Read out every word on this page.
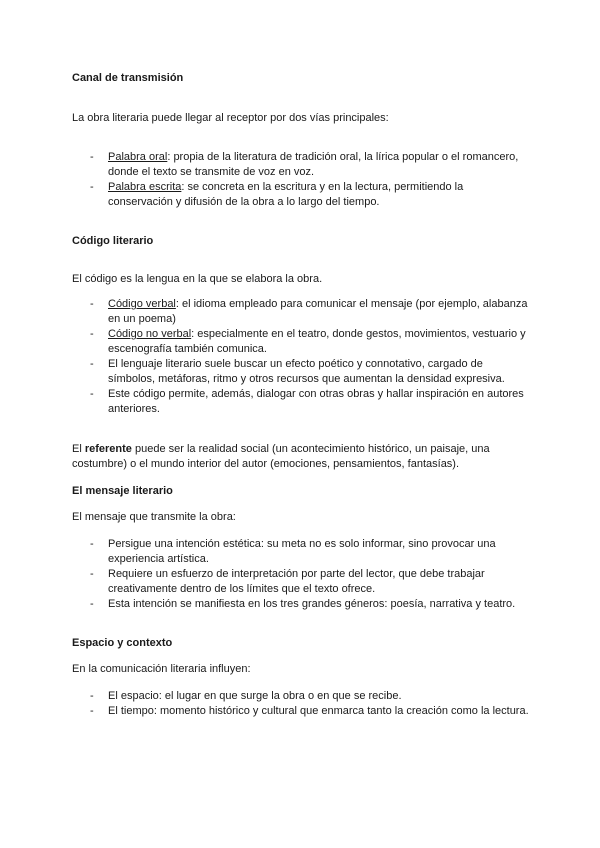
Canal de transmisión

La obra literaria puede llegar al receptor por dos vías principales:

- Palabra oral: propia de la literatura de tradición oral, la lírica popular o el romancero, donde el texto se transmite de voz en voz.
- Palabra escrita: se concreta en la escritura y en la lectura, permitiendo la conservación y difusión de la obra a lo largo del tiempo.
Código literario

El código es la lengua en la que se elabora la obra.

- Código verbal: el idioma empleado para comunicar el mensaje (por ejemplo, alabanza en un poema)
- Código no verbal: especialmente en el teatro, donde gestos, movimientos, vestuario y escenografía también comunica.
- El lenguaje literario suele buscar un efecto poético y connotativo, cargado de símbolos, metáforas, ritmo y otros recursos que aumentan la densidad expresiva.
- Este código permite, además, dialogar con otras obras y hallar inspiración en autores anteriores.

El referente puede ser la realidad social (un acontecimiento histórico, un paisaje, una costumbre) o el mundo interior del autor (emociones, pensamientos, fantasías).

El mensaje literario

El mensaje que transmite la obra:

- Persigue una intención estética: su meta no es solo informar, sino provocar una experiencia artística.
- Requiere un esfuerzo de interpretación por parte del lector, que debe trabajar creativamente dentro de los límites que el texto ofrece.
- Esta intención se manifiesta en los tres grandes géneros: poesía, narrativa y teatro.
Espacio y contexto

En la comunicación literaria influyen:

- El espacio: el lugar en que surge la obra o en que se recibe.
- El tiempo: momento histórico y cultural que enmarca tanto la creación como la lectura.
